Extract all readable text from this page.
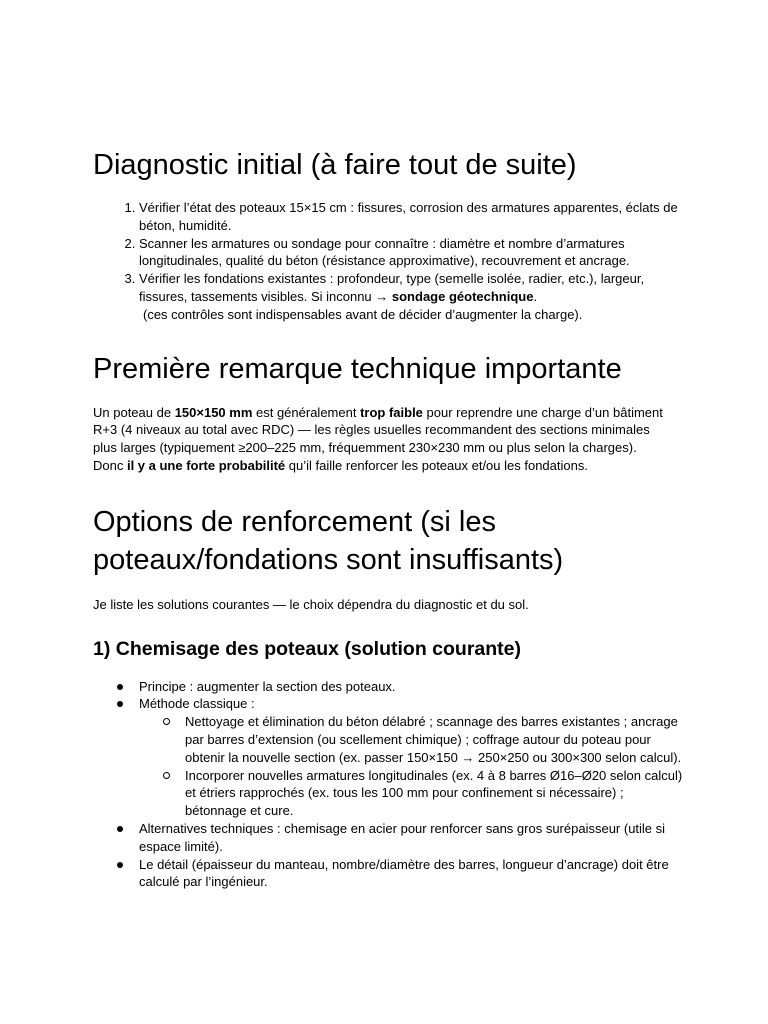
Diagnostic initial (à faire tout de suite)
1. Vérifier l’état des poteaux 15×15 cm : fissures, corrosion des armatures apparentes, éclats de béton, humidité.
2. Scanner les armatures ou sondage pour connaître : diamètre et nombre d’armatures longitudinales, qualité du béton (résistance approximative), recouvrement et ancrage.
3. Vérifier les fondations existantes : profondeur, type (semelle isolée, radier, etc.), largeur, fissures, tassements visibles. Si inconnu → sondage géotechnique.

(ces contrôles sont indispensables avant de décider d’augmenter la charge).

Première remarque technique importante

Un poteau de 150×150 mm est généralement trop faible pour reprendre une charge d’un bâtiment R+3 (4 niveaux au total avec RDC) — les règles usuelles recommandent des sections minimales plus larges (typiquement ≥200–225 mm, fréquemment 230×230 mm ou plus selon la charges). Donc il y a une forte probabilité qu’il faille renforcer les poteaux et/ou les fondations.

Options de renforcement (si les poteaux/fondations sont insuffisants)

Je liste les solutions courantes — le choix dépendra du diagnostic et du sol.

1) Chemisage des poteaux (solution courante)
Principe : augmenter la section des poteaux.
Méthode classique :
Nettoyage et élimination du béton délabré ; scannage des barres existantes ; ancrage par barres d’extension (ou scellement chimique) ; coffrage autour du poteau pour obtenir la nouvelle section (ex. passer 150×150 → 250×250 ou 300×300 selon calcul).
Incorporer nouvelles armatures longitudinales (ex. 4 à 8 barres Ø16–Ø20 selon calcul) et étriers rapprochés (ex. tous les 100 mm pour confinement si nécessaire) ; bétonnage et cure.
Alternatives techniques : chemisage en acier pour renforcer sans gros surépaisseur (utile si espace limité).
Le détail (épaisseur du manteau, nombre/diamètre des barres, longueur d’ancrage) doit être calculé par l’ingénieur.
